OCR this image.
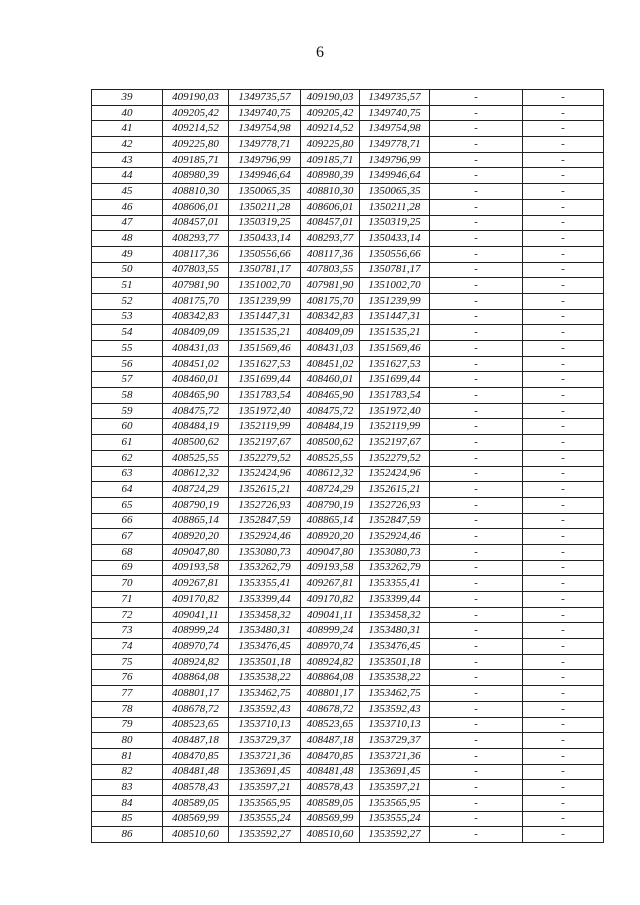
6
39	409190,03	1349735,57	409190,03	1349735,57	-	-
40	409205,42	1349740,75	409205,42	1349740,75	-	-
41	409214,52	1349754,98	409214,52	1349754,98	-	-
42	409225,80	1349778,71	409225,80	1349778,71	-	-
43	409185,71	1349796,99	409185,71	1349796,99	-	-
44	408980,39	1349946,64	408980,39	1349946,64	-	-
45	408810,30	1350065,35	408810,30	1350065,35	-	-
46	408606,01	1350211,28	408606,01	1350211,28	-	-
47	408457,01	1350319,25	408457,01	1350319,25	-	-
48	408293,77	1350433,14	408293,77	1350433,14	-	-
49	408117,36	1350556,66	408117,36	1350556,66	-	-
50	407803,55	1350781,17	407803,55	1350781,17	-	-
51	407981,90	1351002,70	407981,90	1351002,70	-	-
52	408175,70	1351239,99	408175,70	1351239,99	-	-
53	408342,83	1351447,31	408342,83	1351447,31	-	-
54	408409,09	1351535,21	408409,09	1351535,21	-	-
55	408431,03	1351569,46	408431,03	1351569,46	-	-
56	408451,02	1351627,53	408451,02	1351627,53	-	-
57	408460,01	1351699,44	408460,01	1351699,44	-	-
58	408465,90	1351783,54	408465,90	1351783,54	-	-
59	408475,72	1351972,40	408475,72	1351972,40	-	-
60	408484,19	1352119,99	408484,19	1352119,99	-	-
61	408500,62	1352197,67	408500,62	1352197,67	-	-
62	408525,55	1352279,52	408525,55	1352279,52	-	-
63	408612,32	1352424,96	408612,32	1352424,96	-	-
64	408724,29	1352615,21	408724,29	1352615,21	-	-
65	408790,19	1352726,93	408790,19	1352726,93	-	-
66	408865,14	1352847,59	408865,14	1352847,59	-	-
67	408920,20	1352924,46	408920,20	1352924,46	-	-
68	409047,80	1353080,73	409047,80	1353080,73	-	-
69	409193,58	1353262,79	409193,58	1353262,79	-	-
70	409267,81	1353355,41	409267,81	1353355,41	-	-
71	409170,82	1353399,44	409170,82	1353399,44	-	-
72	409041,11	1353458,32	409041,11	1353458,32	-	-
73	408999,24	1353480,31	408999,24	1353480,31	-	-
74	408970,74	1353476,45	408970,74	1353476,45	-	-
75	408924,82	1353501,18	408924,82	1353501,18	-	-
76	408864,08	1353538,22	408864,08	1353538,22	-	-
77	408801,17	1353462,75	408801,17	1353462,75	-	-
78	408678,72	1353592,43	408678,72	1353592,43	-	-
79	408523,65	1353710,13	408523,65	1353710,13	-	-
80	408487,18	1353729,37	408487,18	1353729,37	-	-
81	408470,85	1353721,36	408470,85	1353721,36	-	-
82	408481,48	1353691,45	408481,48	1353691,45	-	-
83	408578,43	1353597,21	408578,43	1353597,21	-	-
84	408589,05	1353565,95	408589,05	1353565,95	-	-
85	408569,99	1353555,24	408569,99	1353555,24	-	-
86	408510,60	1353592,27	408510,60	1353592,27	-	-
